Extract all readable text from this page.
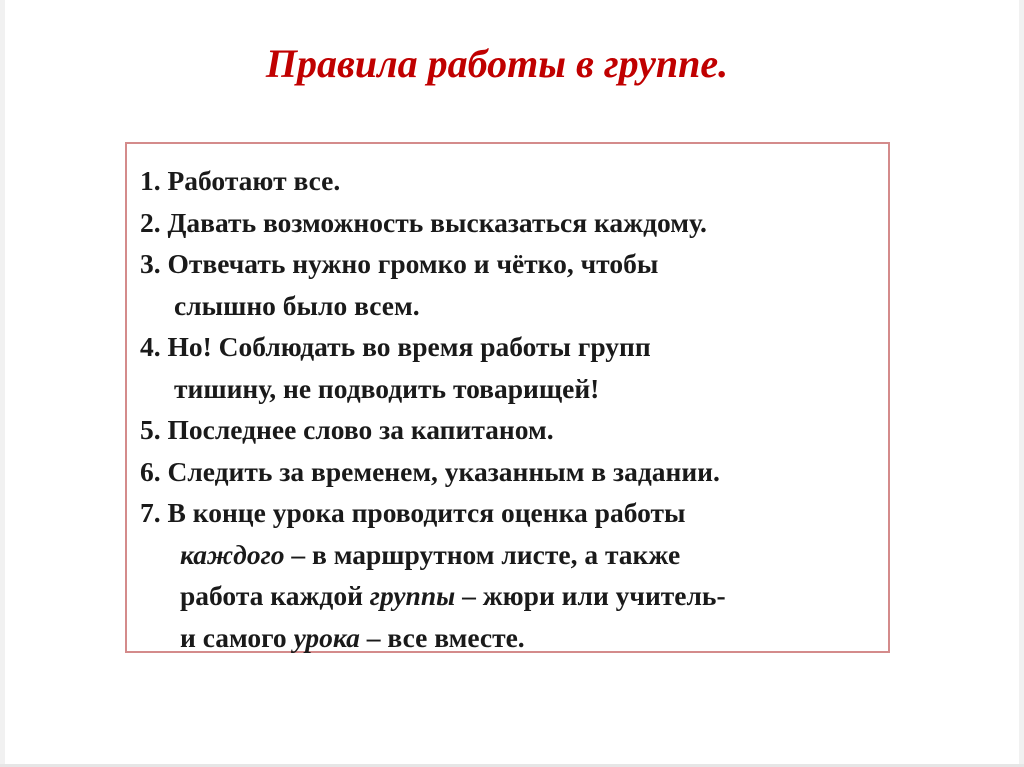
Правила работы в группе.
1. Работают все.
2. Давать возможность высказаться каждому.
3. Отвечать нужно громко и чётко, чтобы
слышно было всем.
4. Но! Соблюдать во время работы групп
тишину, не подводить товарищей!
5. Последнее слово за капитаном.
6. Следить за временем, указанным в задании.
7. В конце урока проводится оценка работы
каждого – в маршрутном листе, а также
работа каждой группы – жюри или учитель-
и самого урока – все вместе.
